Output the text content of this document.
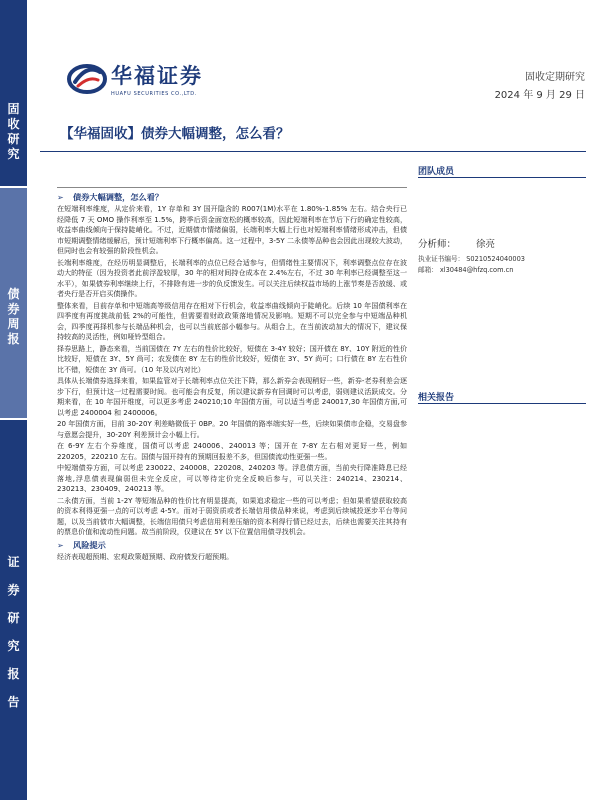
固
收
研
究
债
券
周
报
证
券
研
究
报
告
华福证券
HUAFU SECURITIES CO.,LTD.
固收定期研究
2024 年 9 月 29 日
【华福固收】债券大幅调整，怎么看？
➢	债券大幅调整，怎么看？

在短端利率维度，从定价来看，1Y 存单和 3Y 国开隐含的 R007(1M)水平在 1.80%-1.85% 左右。结合央行已经降低 7 天 OMO 操作利率至 1.5%，跨季后资金面宽松的概率较高，因此短端利率在节后下行的确定性较高，收益率曲线倾向于保持陡峭化。不过，近期债市情绪偏弱，长端利率大幅上行也对短端利率情绪形成冲击，但债市短期调整情绪缓解后，预计短端利率下行概率偏高。这一过程中，3-5Y 二永债等品种也会因此出现较大波动，但同时也会有较强的阶段性机会。

长端利率维度，在经历明显调整后，长端利率的点位已经合适参与，但情绪性主要情况下，利率调整点位存在波动大的特征（因为投资者此前浮盈较厚，30 年的相对间持仓成本在 2.4%左右，不过 30 年利率已经调整至这一水平），如果债券利率继续上行，不排除有进一步的负反馈发生。可以关注后续权益市场的上涨节奏是否放缓、或者央行是否开启买债操作。

整体来看，目前存单和中短端高等级信用存在相对下行机会，收益率曲线倾向于陡峭化。后续 10 年国债利率在四季度有再度挑战前低 2%的可能性，但需要看财政政策落地情况及影响。短期不可以完全参与中短端品种机会，四季度再择机参与长端品种机会，也可以当前底部小幅参与。从组合上，在当前波动加大的情况下，建议保持较高的灵活性，例如哑铃型组合。

择券思路上，静态来看，当前国债在 7Y 左右的性价比较好，短债在 3-4Y 较好；国开债在 8Y、10Y 附近的性价比较好，短债在 3Y、5Y 尚可；农发债在 8Y 左右的性价比较好，短债在 3Y、5Y 尚可；口行债在 8Y 左右性价比不错，短债在 3Y 尚可。（10 年及以内对比）

具体从长端债券选择来看，如果监管对于长端利率点位关注下降，那么新券会表现稍好一些，新券-老券利差会逐步下行，但预计这一过程需要时间。也可能会有反复，所以建议新券有回调时可以考虑，弱则建议活跃成交。分期来看，在 10 年国开维度，可以更多考虑 240210;10 年国债方面，可以适当考虑 240017,30 年国债方面,可以考虑 2400004 和 2400006。

20 年国债方面，目前 30-20Y 利差略微低于 0BP。20 年国债的路率端实好一些，后续如果债市企稳，交易盘参与意愿会提升，30-20Y 利差预计会小幅上行。

在 6-9Y 左右个券维度，国债可以考虑 240006、240013 等；国开在 7-8Y 左右相对更好一些，例如 220205，220210 左右。国债与国开持有的预期回报差不多，但国债流动性更强一些。

中短端债券方面，可以考虑 230022、240008、220208、240203 等。浮息债方面，当前央行降准降息已经落地,浮息债表现偏弱但未完全反应，可以等待定价完全反映后参与，可以关注：240214、230214、230213、230409、240213 等。

二永债方面，当前 1-2Y 等短端品种的性价比有明显提高，如果追求稳定一些的可以考虑；但如果希望获取较高的资本利得更强一点的可以考虑 4-5Y。而对于弱资质或者长端信用债品种来说，考虑到后续城投逐步平台等问题，以及当前债市大幅调整，长端信用债只考虑信用利差压缩的资本利得行情已经过去，后续也需要关注其持有的票息价值和流动性问题。故当前阶段，仅建议在 5Y 以下位置信用债寻找机会。

➢	风险提示

经济表现超预期、宏观政策超预期、政府债发行超预期。

团队成员
分析师：	徐亮
执业证书编号： S0210524040003
邮箱： xl30484@hfzq.com.cn
相关报告
